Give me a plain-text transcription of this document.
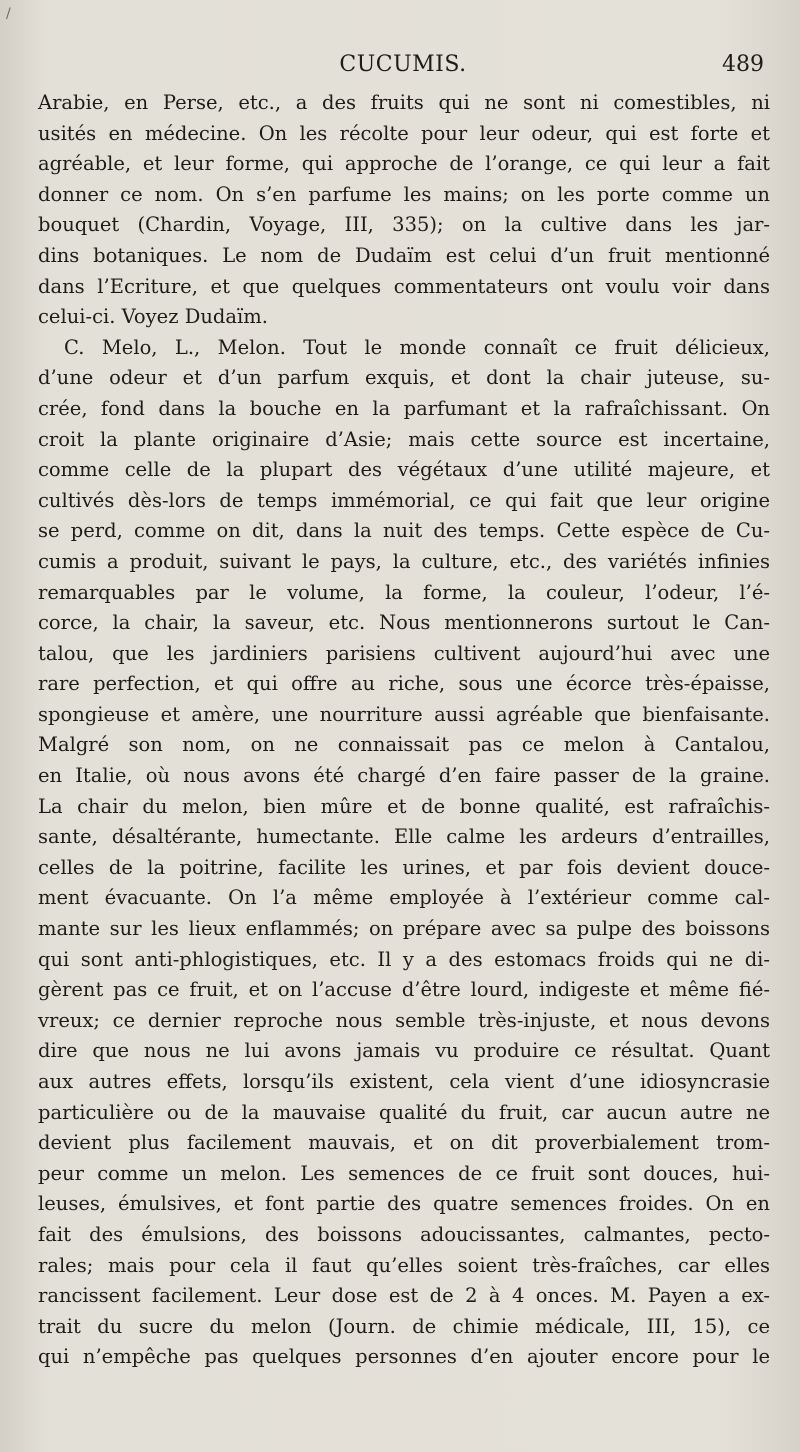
/
CUCUMIS.	489
Arabie, en Perse, etc., a des fruits qui ne sont ni comestibles, ni
usités en médecine. On les récolte pour leur odeur, qui est forte et
agréable, et leur forme, qui approche de l’orange, ce qui leur a fait
donner ce nom. On s’en parfume les mains; on les porte comme un
bouquet (Chardin, Voyage, III, 335); on la cultive dans les jar-
dins botaniques. Le nom de Dudaïm est celui d’un fruit mentionné
dans l’Ecriture, et que quelques commentateurs ont voulu voir dans
celui-ci. Voyez Dudaïm.
C. Melo, L., Melon. Tout le monde connaît ce fruit délicieux,
d’une odeur et d’un parfum exquis, et dont la chair juteuse, su-
crée, fond dans la bouche en la parfumant et la rafraîchissant. On
croit la plante originaire d’Asie; mais cette source est incertaine,
comme celle de la plupart des végétaux d’une utilité majeure, et
cultivés dès-lors de temps immémorial, ce qui fait que leur origine
se perd, comme on dit, dans la nuit des temps. Cette espèce de Cu-
cumis a produit, suivant le pays, la culture, etc., des variétés infinies
remarquables par le volume, la forme, la couleur, l’odeur, l’é-
corce, la chair, la saveur, etc. Nous mentionnerons surtout le Can-
talou, que les jardiniers parisiens cultivent aujourd’hui avec une
rare perfection, et qui offre au riche, sous une écorce très-épaisse,
spongieuse et amère, une nourriture aussi agréable que bienfaisante.
Malgré son nom, on ne connaissait pas ce melon à Cantalou,
en Italie, où nous avons été chargé d’en faire passer de la graine.
La chair du melon, bien mûre et de bonne qualité, est rafraîchis-
sante, désaltérante, humectante. Elle calme les ardeurs d’entrailles,
celles de la poitrine, facilite les urines, et par fois devient douce-
ment évacuante. On l’a même employée à l’extérieur comme cal-
mante sur les lieux enflammés; on prépare avec sa pulpe des boissons
qui sont anti-phlogistiques, etc. Il y a des estomacs froids qui ne di-
gèrent pas ce fruit, et on l’accuse d’être lourd, indigeste et même fié-
vreux; ce dernier reproche nous semble très-injuste, et nous devons
dire que nous ne lui avons jamais vu produire ce résultat. Quant
aux autres effets, lorsqu’ils existent, cela vient d’une idiosyncrasie
particulière ou de la mauvaise qualité du fruit, car aucun autre ne
devient plus facilement mauvais, et on dit proverbialement trom-
peur comme un melon. Les semences de ce fruit sont douces, hui-
leuses, émulsives, et font partie des quatre semences froides. On en
fait des émulsions, des boissons adoucissantes, calmantes, pecto-
rales; mais pour cela il faut qu’elles soient très-fraîches, car elles
rancissent facilement. Leur dose est de 2 à 4 onces. M. Payen a ex-
trait du sucre du melon (Journ. de chimie médicale, III, 15), ce
qui n’empêche pas quelques personnes d’en ajouter encore pour le
